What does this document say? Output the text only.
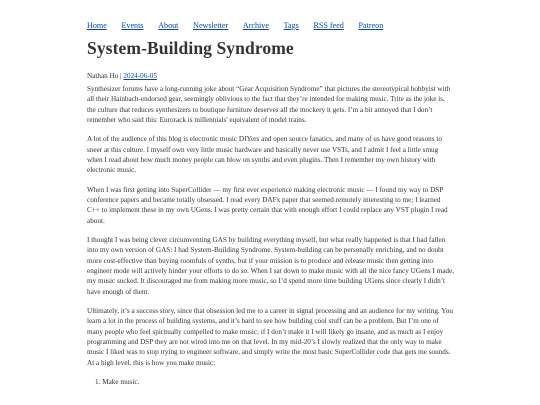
Home Events About Newsletter Archive Tags RSS feed Patreon
System-Building Syndrome
Nathan Ho | 2024-06-05

Synthesizer forums have a long-running joke about “Gear Acquisition Syndrome” that pictures the stereotypical hobbyist with all their Hainbach-endorsed gear, seemingly oblivious to the fact that they’re intended for making music. Trite as the joke is, the culture that reduces synthesizers to boutique furniture deserves all the mockery it gets. I’m a bit annoyed that I don’t remember who said this: Eurorack is millennials' equivalent of model trains.

A lot of the audience of this blog is electronic music DIYers and open source fanatics, and many of us have good reasons to sneer at this culture. I myself own very little music hardware and basically never use VSTs, and I admit I feel a little smug when I read about how much money people can blow on synths and even plugins. Then I remember my own history with electronic music.

When I was first getting into SuperCollider — my first ever experience making electronic music — I found my way to DSP conference papers and became totally obsessed. I read every DAFx paper that seemed remotely interesting to me; I learned C++ to implement these in my own UGens. I was pretty certain that with enough effort I could replace any VST plugin I read about.

I thought I was being clever circumventing GAS by building everything myself, but what really happened is that I had fallen into my own version of GAS: I had System-Building Syndrome. System-building can be personally enriching, and no doubt more cost-effective than buying roomfuls of synths, but if your mission is to produce and release music then getting into engineer mode will actively hinder your efforts to do so. When I sat down to make music with all the nice fancy UGens I made, my music sucked. It discouraged me from making more music, so I’d spend more time building UGens since clearly I didn’t have enough of them.

Ultimately, it’s a success story, since that obsession led me to a career in signal processing and an audience for my writing. You learn a lot in the process of building systems, and it’s hard to see how building cool stuff can be a problem. But I’m one of many people who feel spiritually compelled to make music; if I don’t make it I will likely go insane, and as much as I enjoy programming and DSP they are not wired into me on that level. In my mid-20’s I slowly realized that the only way to make music I liked was to stop trying to engineer software, and simply write the most basic SuperCollider code that gets me sounds. At a high level, this is how you make music:

1. Make music.
